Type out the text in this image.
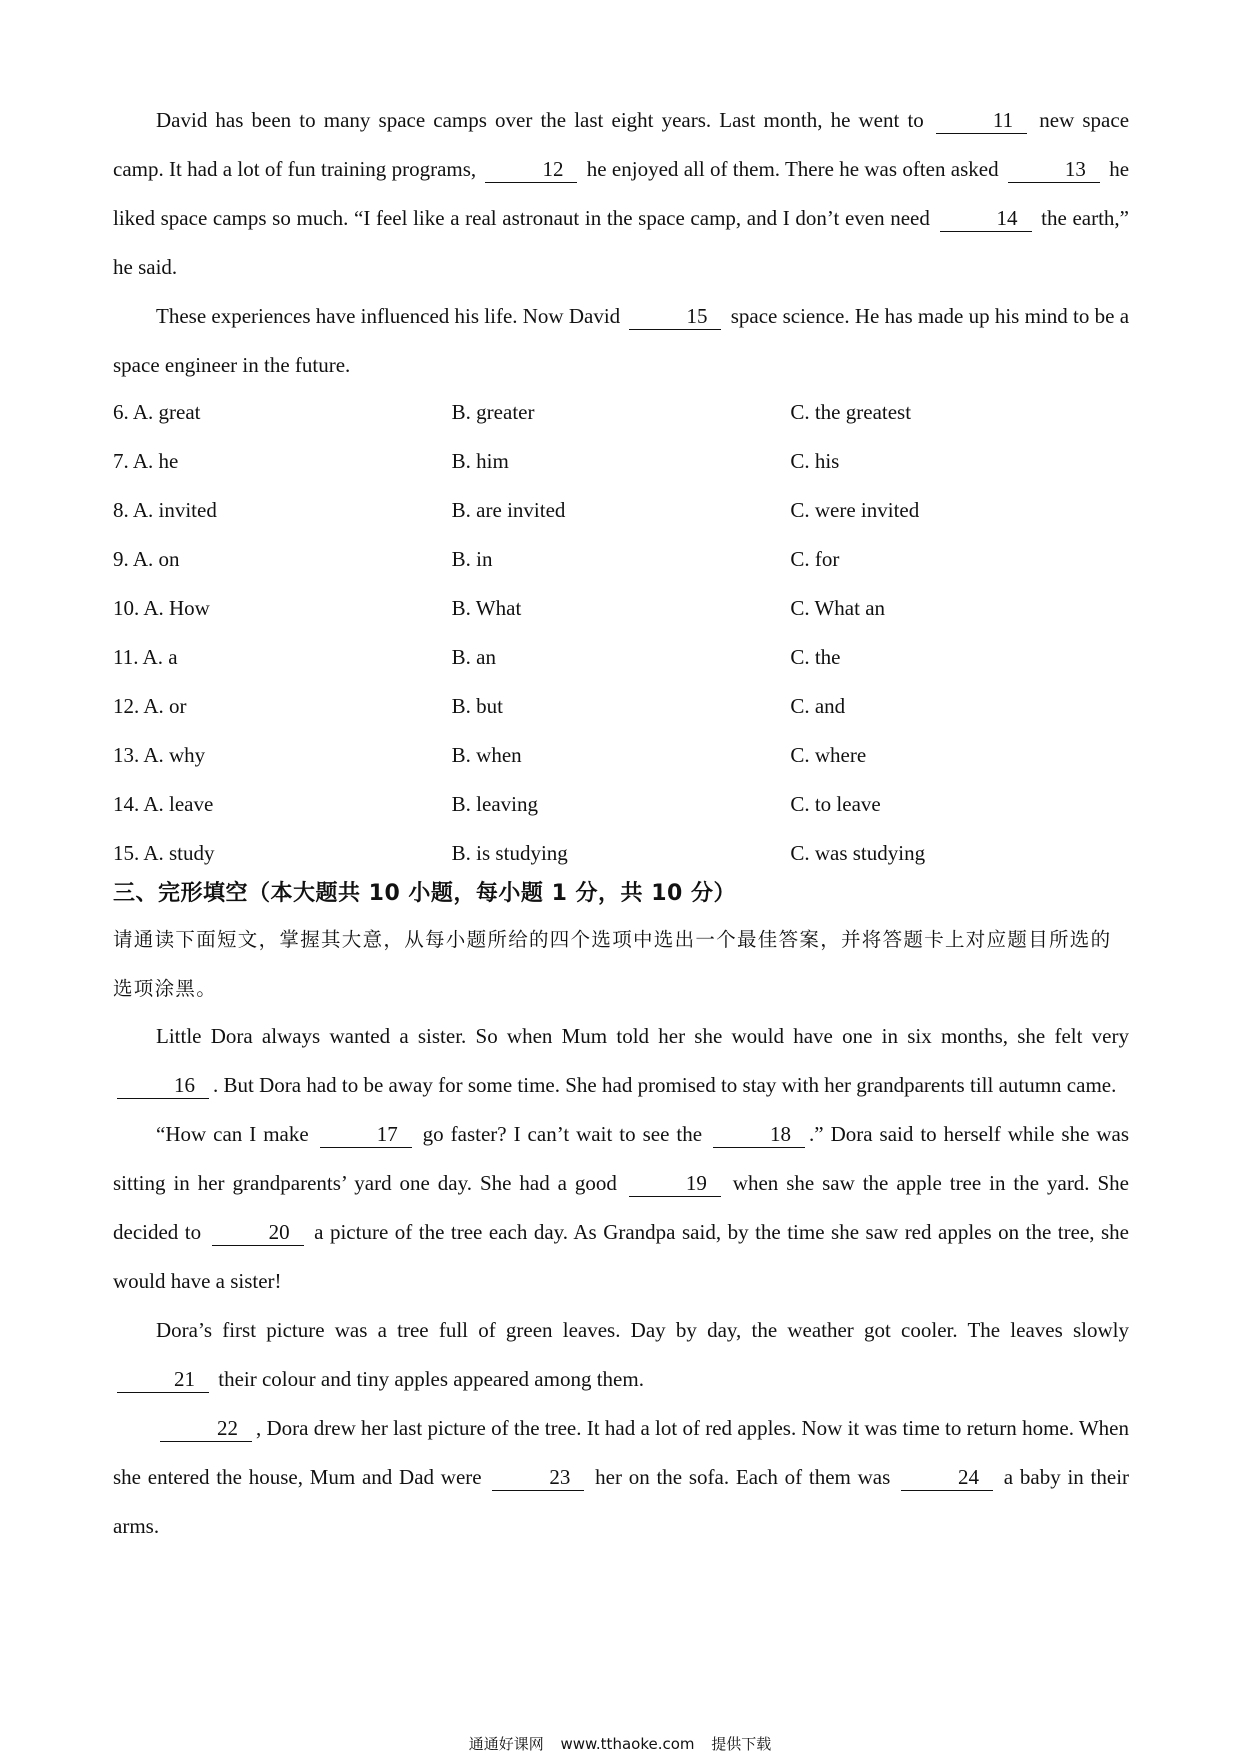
David has been to many space camps over the last eight years. Last month, he went to	11 new space camp. It had a lot of fun training programs,	12 he enjoyed all of them. There he was often asked	13 he liked space camps so much. “I feel like a real astronaut in the space camp, and I don’t even need	14 the earth,” he said.

These experiences have influenced his life. Now David	15 space science. He has made up his mind to be a space engineer in the future.

6. A. great	B. greater	C. the greatest
7. A. he	B. him	C. his
8. A. invited	B. are invited	C. were invited
9. A. on	B. in	C. for
10. A. How	B. What	C. What an
11. A. a	B. an	C. the
12. A. or	B. but	C. and
13. A. why	B. when	C. where
14. A. leave	B. leaving	C. to leave
15. A. study	B. is studying	C. was studying
三、完形填空（本大题共 10 小题，每小题 1 分，共 10 分）
请通读下面短文，掌握其大意，从每小题所给的四个选项中选出一个最佳答案，并将答题卡上对应题目所选的选项涂黑。

Little Dora always wanted a sister. So when Mum told her she would have one in six months, she felt very 16 . But Dora had to be away for some time. She had promised to stay with her grandparents till autumn came.

“How can I make	17 go faster? I can’t wait to see the	18 .” Dora said to herself while she was sitting in her grandparents’ yard one day. She had a good	19 when she saw the apple tree in the yard. She decided to	20 a picture of the tree each day. As Grandpa said, by the time she saw red apples on the tree, she would have a sister!

Dora’s first picture was a tree full of green leaves. Day by day, the weather got cooler. The leaves slowly 21 their colour and tiny apples appeared among them.

22 , Dora drew her last picture of the tree. It had a lot of red apples. Now it was time to return home. When she entered the house, Mum and Dad were	23 her on the sofa. Each of them was	24 a baby in their arms.

通通好课网 www.tthaoke.com 提供下载
